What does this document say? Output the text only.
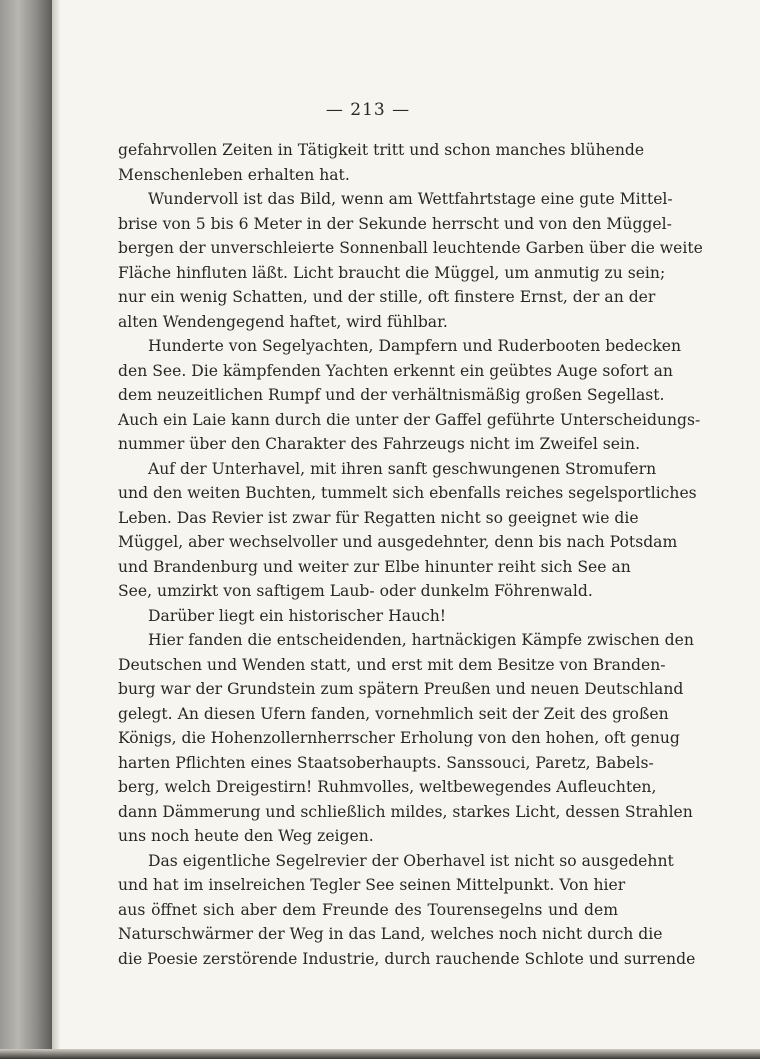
— 213 —
gefahrvollen Zeiten in Tätigkeit tritt und schon manches blühende
Menschenleben erhalten hat.
Wundervoll ist das Bild, wenn am Wettfahrtstage eine gute Mittel-
brise von 5 bis 6 Meter in der Sekunde herrscht und von den Müggel-
bergen der unverschleierte Sonnenball leuchtende Garben über die weite
Fläche hinfluten läßt. Licht braucht die Müggel, um anmutig zu sein;
nur ein wenig Schatten, und der stille, oft finstere Ernst, der an der
alten Wendengegend haftet, wird fühlbar.
Hunderte von Segelyachten, Dampfern und Ruderbooten bedecken
den See. Die kämpfenden Yachten erkennt ein geübtes Auge sofort an
dem neuzeitlichen Rumpf und der verhältnismäßig großen Segellast.
Auch ein Laie kann durch die unter der Gaffel geführte Unterscheidungs-
nummer über den Charakter des Fahrzeugs nicht im Zweifel sein.
Auf der Unterhavel, mit ihren sanft geschwungenen Stromufern
und den weiten Buchten, tummelt sich ebenfalls reiches segelsportliches
Leben. Das Revier ist zwar für Regatten nicht so geeignet wie die
Müggel, aber wechselvoller und ausgedehnter, denn bis nach Potsdam
und Brandenburg und weiter zur Elbe hinunter reiht sich See an
See, umzirkt von saftigem Laub- oder dunkelm Föhrenwald.
Darüber liegt ein historischer Hauch!
Hier fanden die entscheidenden, hartnäckigen Kämpfe zwischen den
Deutschen und Wenden statt, und erst mit dem Besitze von Branden-
burg war der Grundstein zum spätern Preußen und neuen Deutschland
gelegt. An diesen Ufern fanden, vornehmlich seit der Zeit des großen
Königs, die Hohenzollernherrscher Erholung von den hohen, oft genug
harten Pflichten eines Staatsoberhaupts. Sanssouci, Paretz, Babels-
berg, welch Dreigestirn! Ruhmvolles, weltbewegendes Aufleuchten,
dann Dämmerung und schließlich mildes, starkes Licht, dessen Strahlen
uns noch heute den Weg zeigen.
Das eigentliche Segelrevier der Oberhavel ist nicht so ausgedehnt
und hat im inselreichen Tegler See seinen Mittelpunkt. Von hier
aus öffnet sich aber dem Freunde des Tourensegelns und dem
Naturschwärmer der Weg in das Land, welches noch nicht durch die
die Poesie zerstörende Industrie, durch rauchende Schlote und surrende
